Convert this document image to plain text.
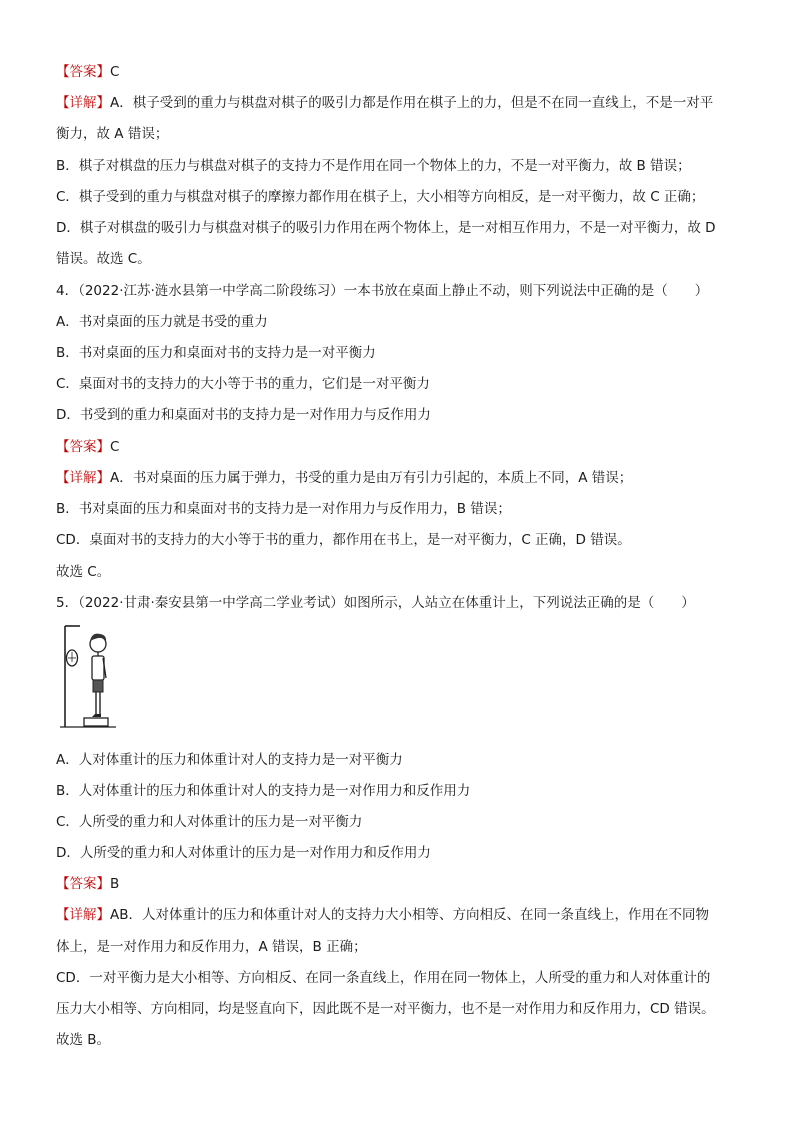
【答案】C
【详解】A．棋子受到的重力与棋盘对棋子的吸引力都是作用在棋子上的力，但是不在同一直线上，不是一对平
衡力，故 A 错误；
B．棋子对棋盘的压力与棋盘对棋子的支持力不是作用在同一个物体上的力，不是一对平衡力，故 B 错误；
C．棋子受到的重力与棋盘对棋子的摩擦力都作用在棋子上，大小相等方向相反，是一对平衡力，故 C 正确；
D．棋子对棋盘的吸引力与棋盘对棋子的吸引力作用在两个物体上，是一对相互作用力，不是一对平衡力，故 D
错误。故选 C。
4．（2022·江苏·涟水县第一中学高二阶段练习）一本书放在桌面上静止不动，则下列说法中正确的是（　　）
A．书对桌面的压力就是书受的重力
B．书对桌面的压力和桌面对书的支持力是一对平衡力
C．桌面对书的支持力的大小等于书的重力，它们是一对平衡力
D．书受到的重力和桌面对书的支持力是一对作用力与反作用力
【答案】C
【详解】A．书对桌面的压力属于弹力，书受的重力是由万有引力引起的，本质上不同，A 错误；
B．书对桌面的压力和桌面对书的支持力是一对作用力与反作用力，B 错误；
CD．桌面对书的支持力的大小等于书的重力，都作用在书上，是一对平衡力，C 正确，D 错误。
故选 C。
5．（2022·甘肃·秦安县第一中学高二学业考试）如图所示，人站立在体重计上，下列说法正确的是（　　）
A．人对体重计的压力和体重计对人的支持力是一对平衡力
B．人对体重计的压力和体重计对人的支持力是一对作用力和反作用力
C．人所受的重力和人对体重计的压力是一对平衡力
D．人所受的重力和人对体重计的压力是一对作用力和反作用力
【答案】B
【详解】AB．人对体重计的压力和体重计对人的支持力大小相等、方向相反、在同一条直线上，作用在不同物
体上，是一对作用力和反作用力，A 错误，B 正确；
CD．一对平衡力是大小相等、方向相反、在同一条直线上，作用在同一物体上，人所受的重力和人对体重计的
压力大小相等、方向相同，均是竖直向下，因此既不是一对平衡力，也不是一对作用力和反作用力，CD 错误。
故选 B。
